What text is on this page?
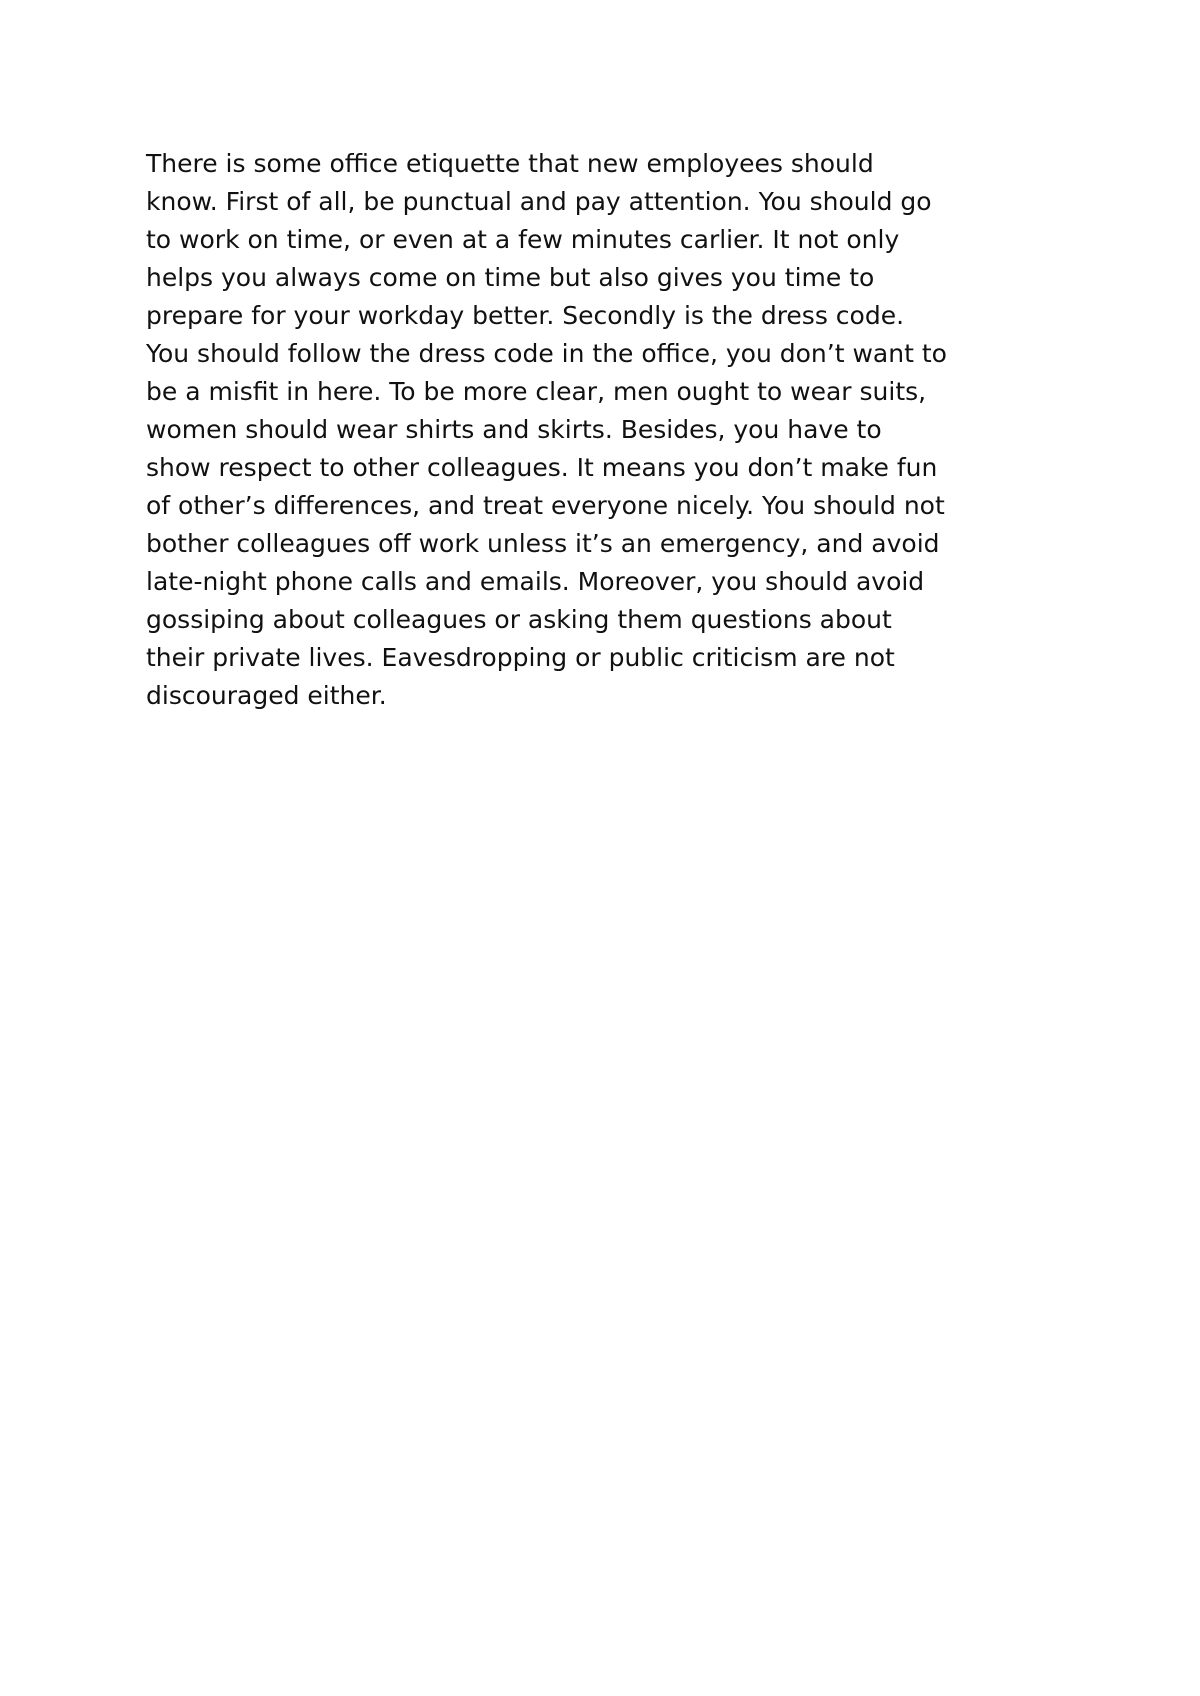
There is some office etiquette that new employees should
know. First of all, be punctual and pay attention. You should go
to work on time, or even at a few minutes carlier. It not only
helps you always come on time but also gives you time to
prepare for your workday better. Secondly is the dress code.
You should follow the dress code in the office, you don’t want to
be a misfit in here. To be more clear, men ought to wear suits,
women should wear shirts and skirts. Besides, you have to
show respect to other colleagues. It means you don’t make fun
of other’s differences, and treat everyone nicely. You should not
bother colleagues off work unless it’s an emergency, and avoid
late-night phone calls and emails. Moreover, you should avoid
gossiping about colleagues or asking them questions about
their private lives. Eavesdropping or public criticism are not
discouraged either.
